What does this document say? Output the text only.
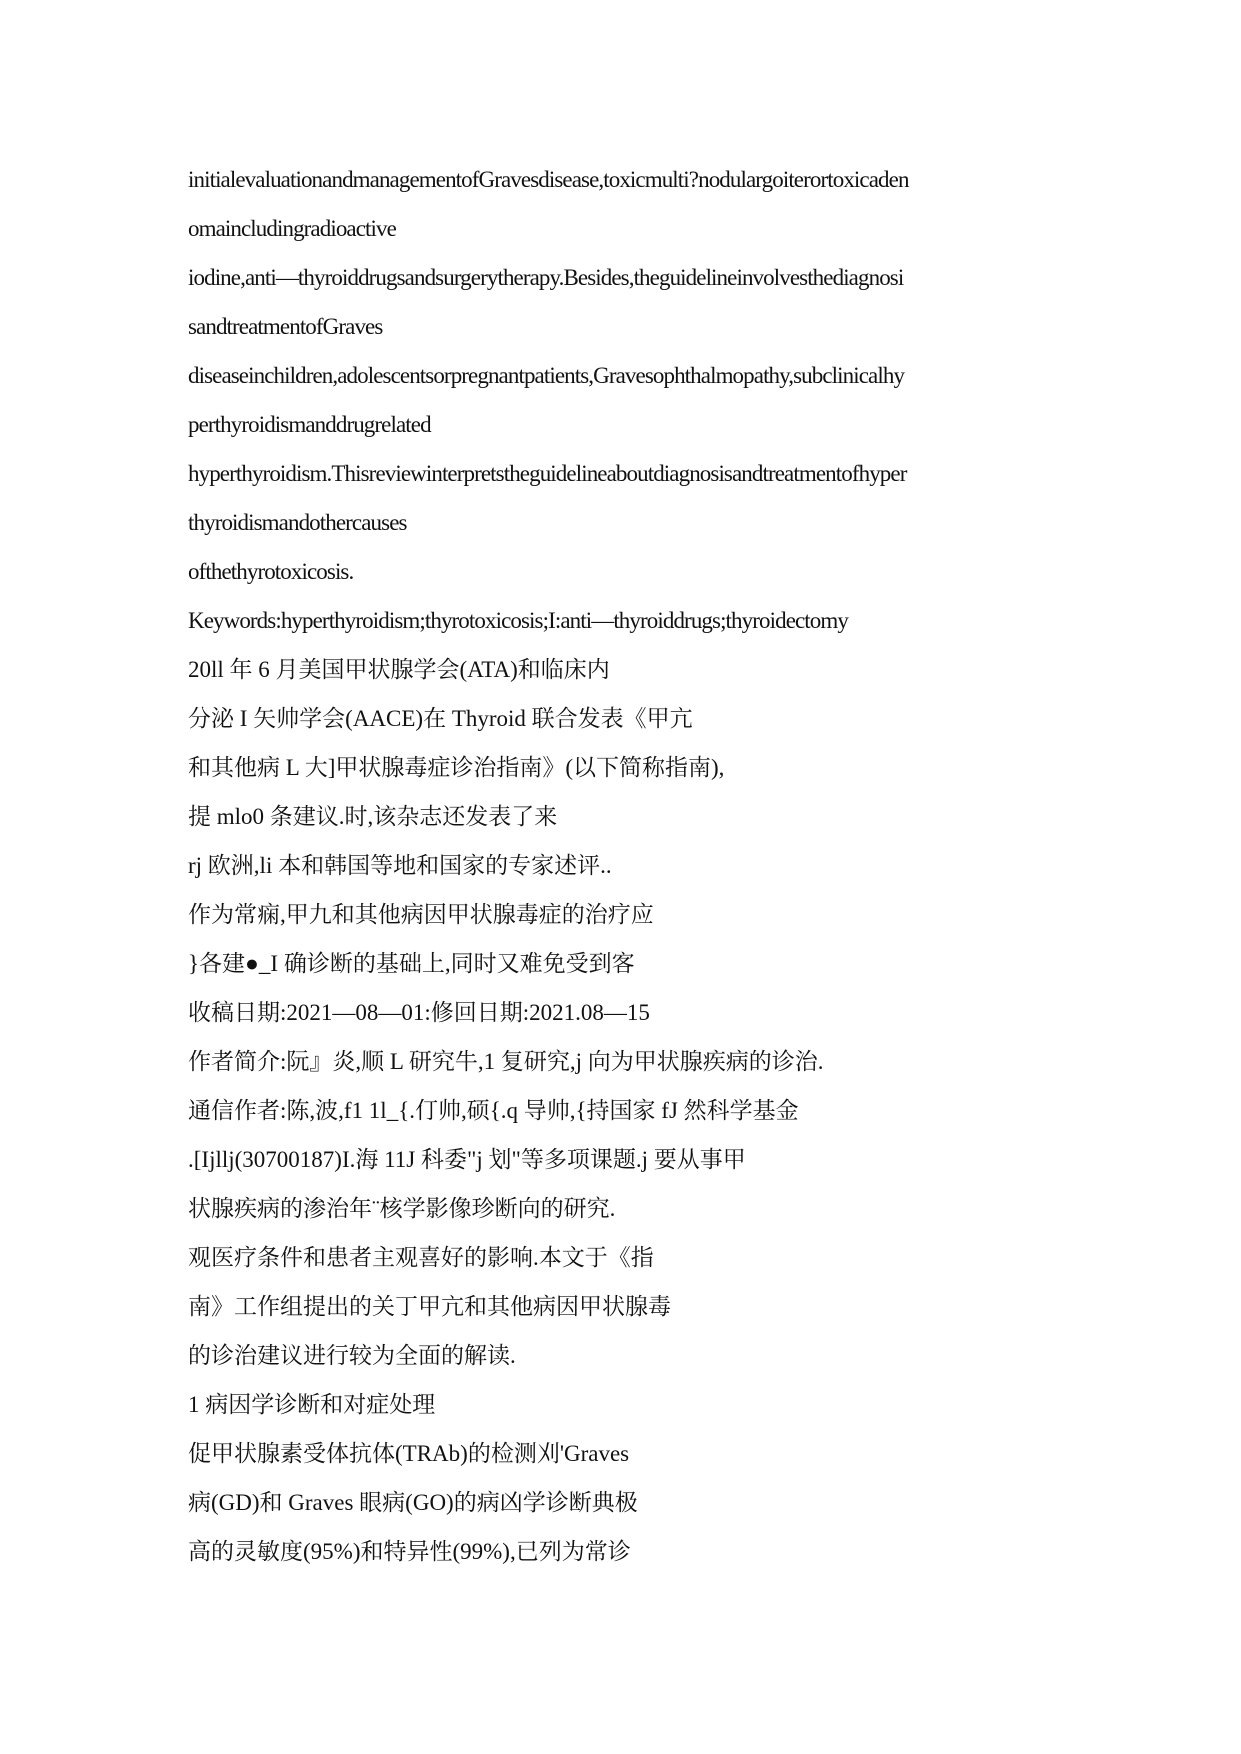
initialevaluationandmanagementofGravesdisease,toxicmulti?nodulargoiterortoxicaden
omaincludingradioactive
iodine,anti—thyroiddrugsandsurgerytherapy.Besides,theguidelineinvolvesthediagnosi
sandtreatmentofGraves
diseaseinchildren,adolescentsorpregnantpatients,Gravesophthalmopathy,subclinicalhy
perthyroidismanddrugrelated
hyperthyroidism.Thisreviewinterpretstheguidelineaboutdiagnosisandtreatmentofhyper
thyroidismandothercauses
ofthethyrotoxicosis.
Keywords:hyperthyroidism;thyrotoxicosis;I:anti—thyroiddrugs;thyroidectomy
20ll 年 6 月美国甲状腺学会(ATA)和临床内
分泌 I 矢帅学会(AACE)在 Thyroid 联合发表《甲亢
和其他病 L 大]甲状腺毒症诊治指南》(以下简称指南),
提 mlo0 条建议.时,该杂志还发表了来
rj 欧洲,li 本和韩国等地和国家的专家述评..
作为常痫,甲九和其他病因甲状腺毒症的治疗应
}各建●_I 确诊断的基础上,同时又难免受到客
收稿日期:2021—08—01:修回日期:2021.08—15
作者简介:阮』炎,顺 L 研究牛,1 复研究,j 向为甲状腺疾病的诊治.
通信作者:陈,波,f1 1l_{.仃帅,硕{.q 导帅,{持国家 fJ 然科学基金
.[Ijllj(30700187)I.海 11J 科委"j 划"等多项课题.j 要从事甲
状腺疾病的渗治年¨核学影像珍断向的研究.
观医疗条件和患者主观喜好的影响.本文于《指
南》工作组提出的关丁甲亢和其他病因甲状腺毒
的诊治建议进行较为全面的解读.
1 病因学诊断和对症处理
促甲状腺素受体抗体(TRAb)的检测刈'Graves
病(GD)和 Graves 眼病(GO)的病凶学诊断典极
高的灵敏度(95%)和特异性(99%),已列为常诊
